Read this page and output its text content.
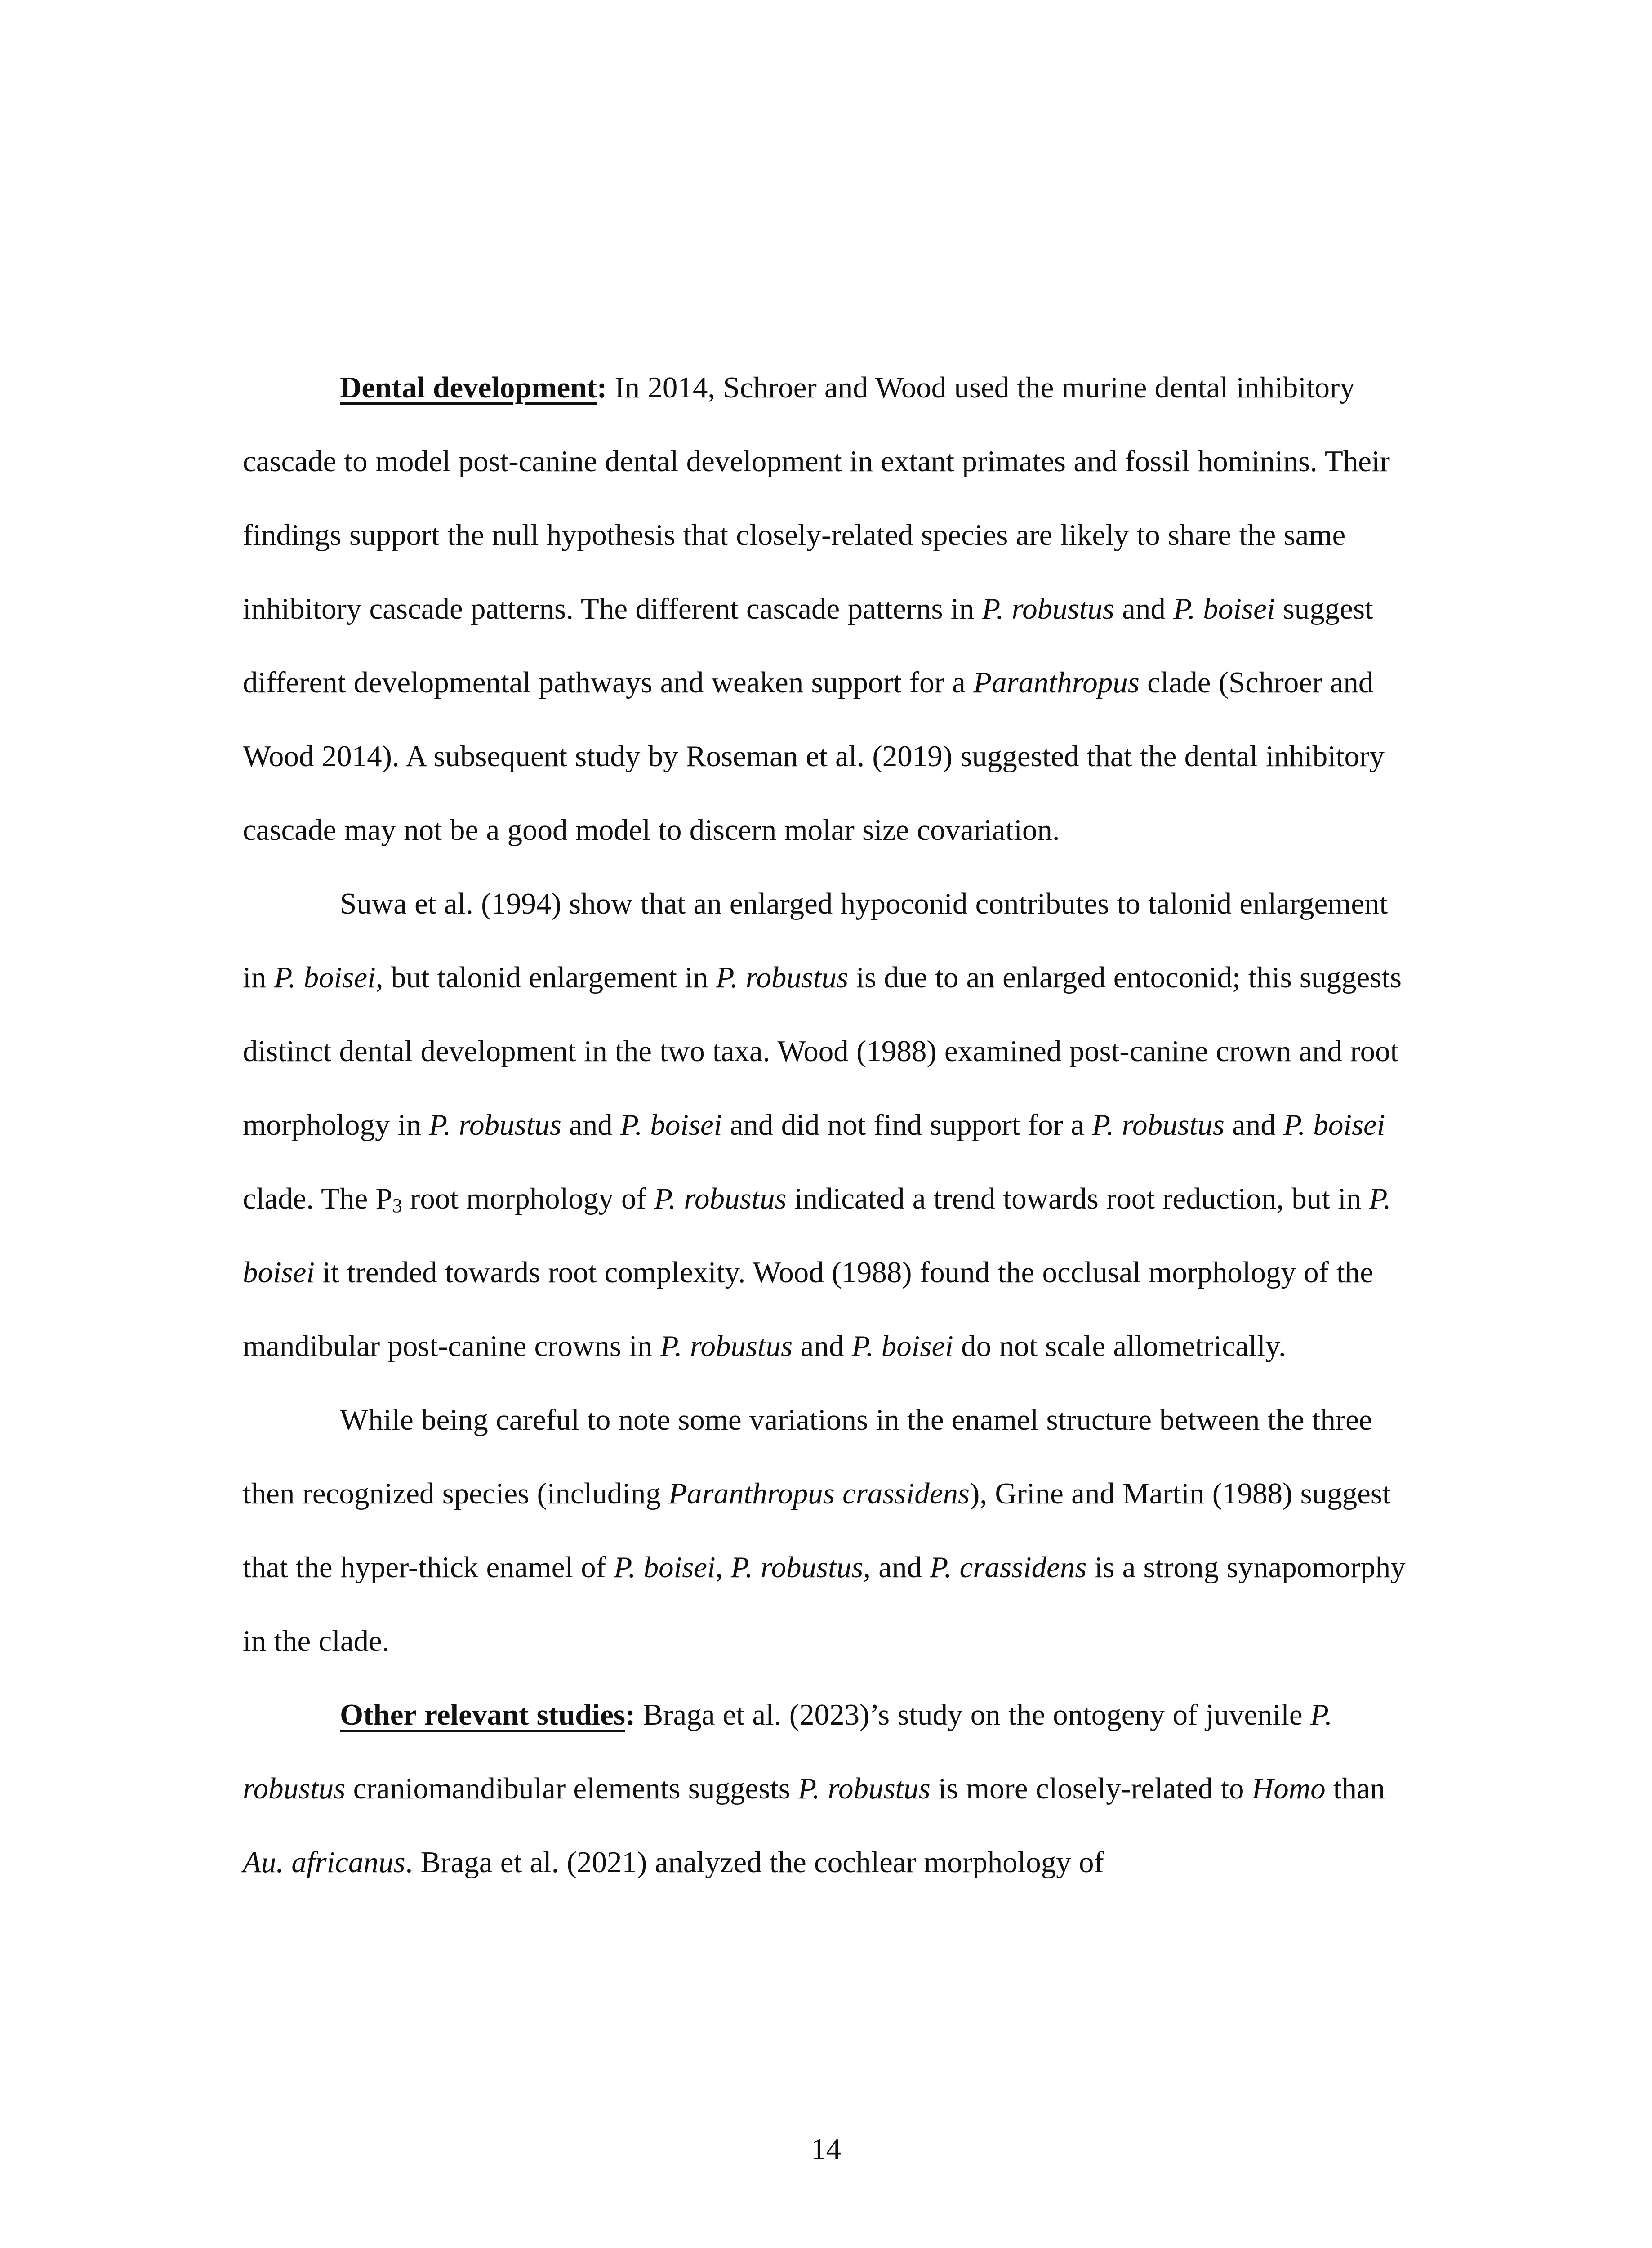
Dental development: In 2014, Schroer and Wood used the murine dental inhibitory cascade to model post-canine dental development in extant primates and fossil hominins. Their findings support the null hypothesis that closely-related species are likely to share the same inhibitory cascade patterns. The different cascade patterns in P. robustus and P. boisei suggest different developmental pathways and weaken support for a Paranthropus clade (Schroer and Wood 2014). A subsequent study by Roseman et al. (2019) suggested that the dental inhibitory cascade may not be a good model to discern molar size covariation.

Suwa et al. (1994) show that an enlarged hypoconid contributes to talonid enlargement in P. boisei, but talonid enlargement in P. robustus is due to an enlarged entoconid; this suggests distinct dental development in the two taxa. Wood (1988) examined post-canine crown and root morphology in P. robustus and P. boisei and did not find support for a P. robustus and P. boisei clade. The P3 root morphology of P. robustus indicated a trend towards root reduction, but in P. boisei it trended towards root complexity. Wood (1988) found the occlusal morphology of the mandibular post-canine crowns in P. robustus and P. boisei do not scale allometrically.

While being careful to note some variations in the enamel structure between the three then recognized species (including Paranthropus crassidens), Grine and Martin (1988) suggest that the hyper-thick enamel of P. boisei, P. robustus, and P. crassidens is a strong synapomorphy in the clade.

Other relevant studies: Braga et al. (2023)’s study on the ontogeny of juvenile P. robustus craniomandibular elements suggests P. robustus is more closely-related to Homo than Au. africanus. Braga et al. (2021) analyzed the cochlear morphology of

14
